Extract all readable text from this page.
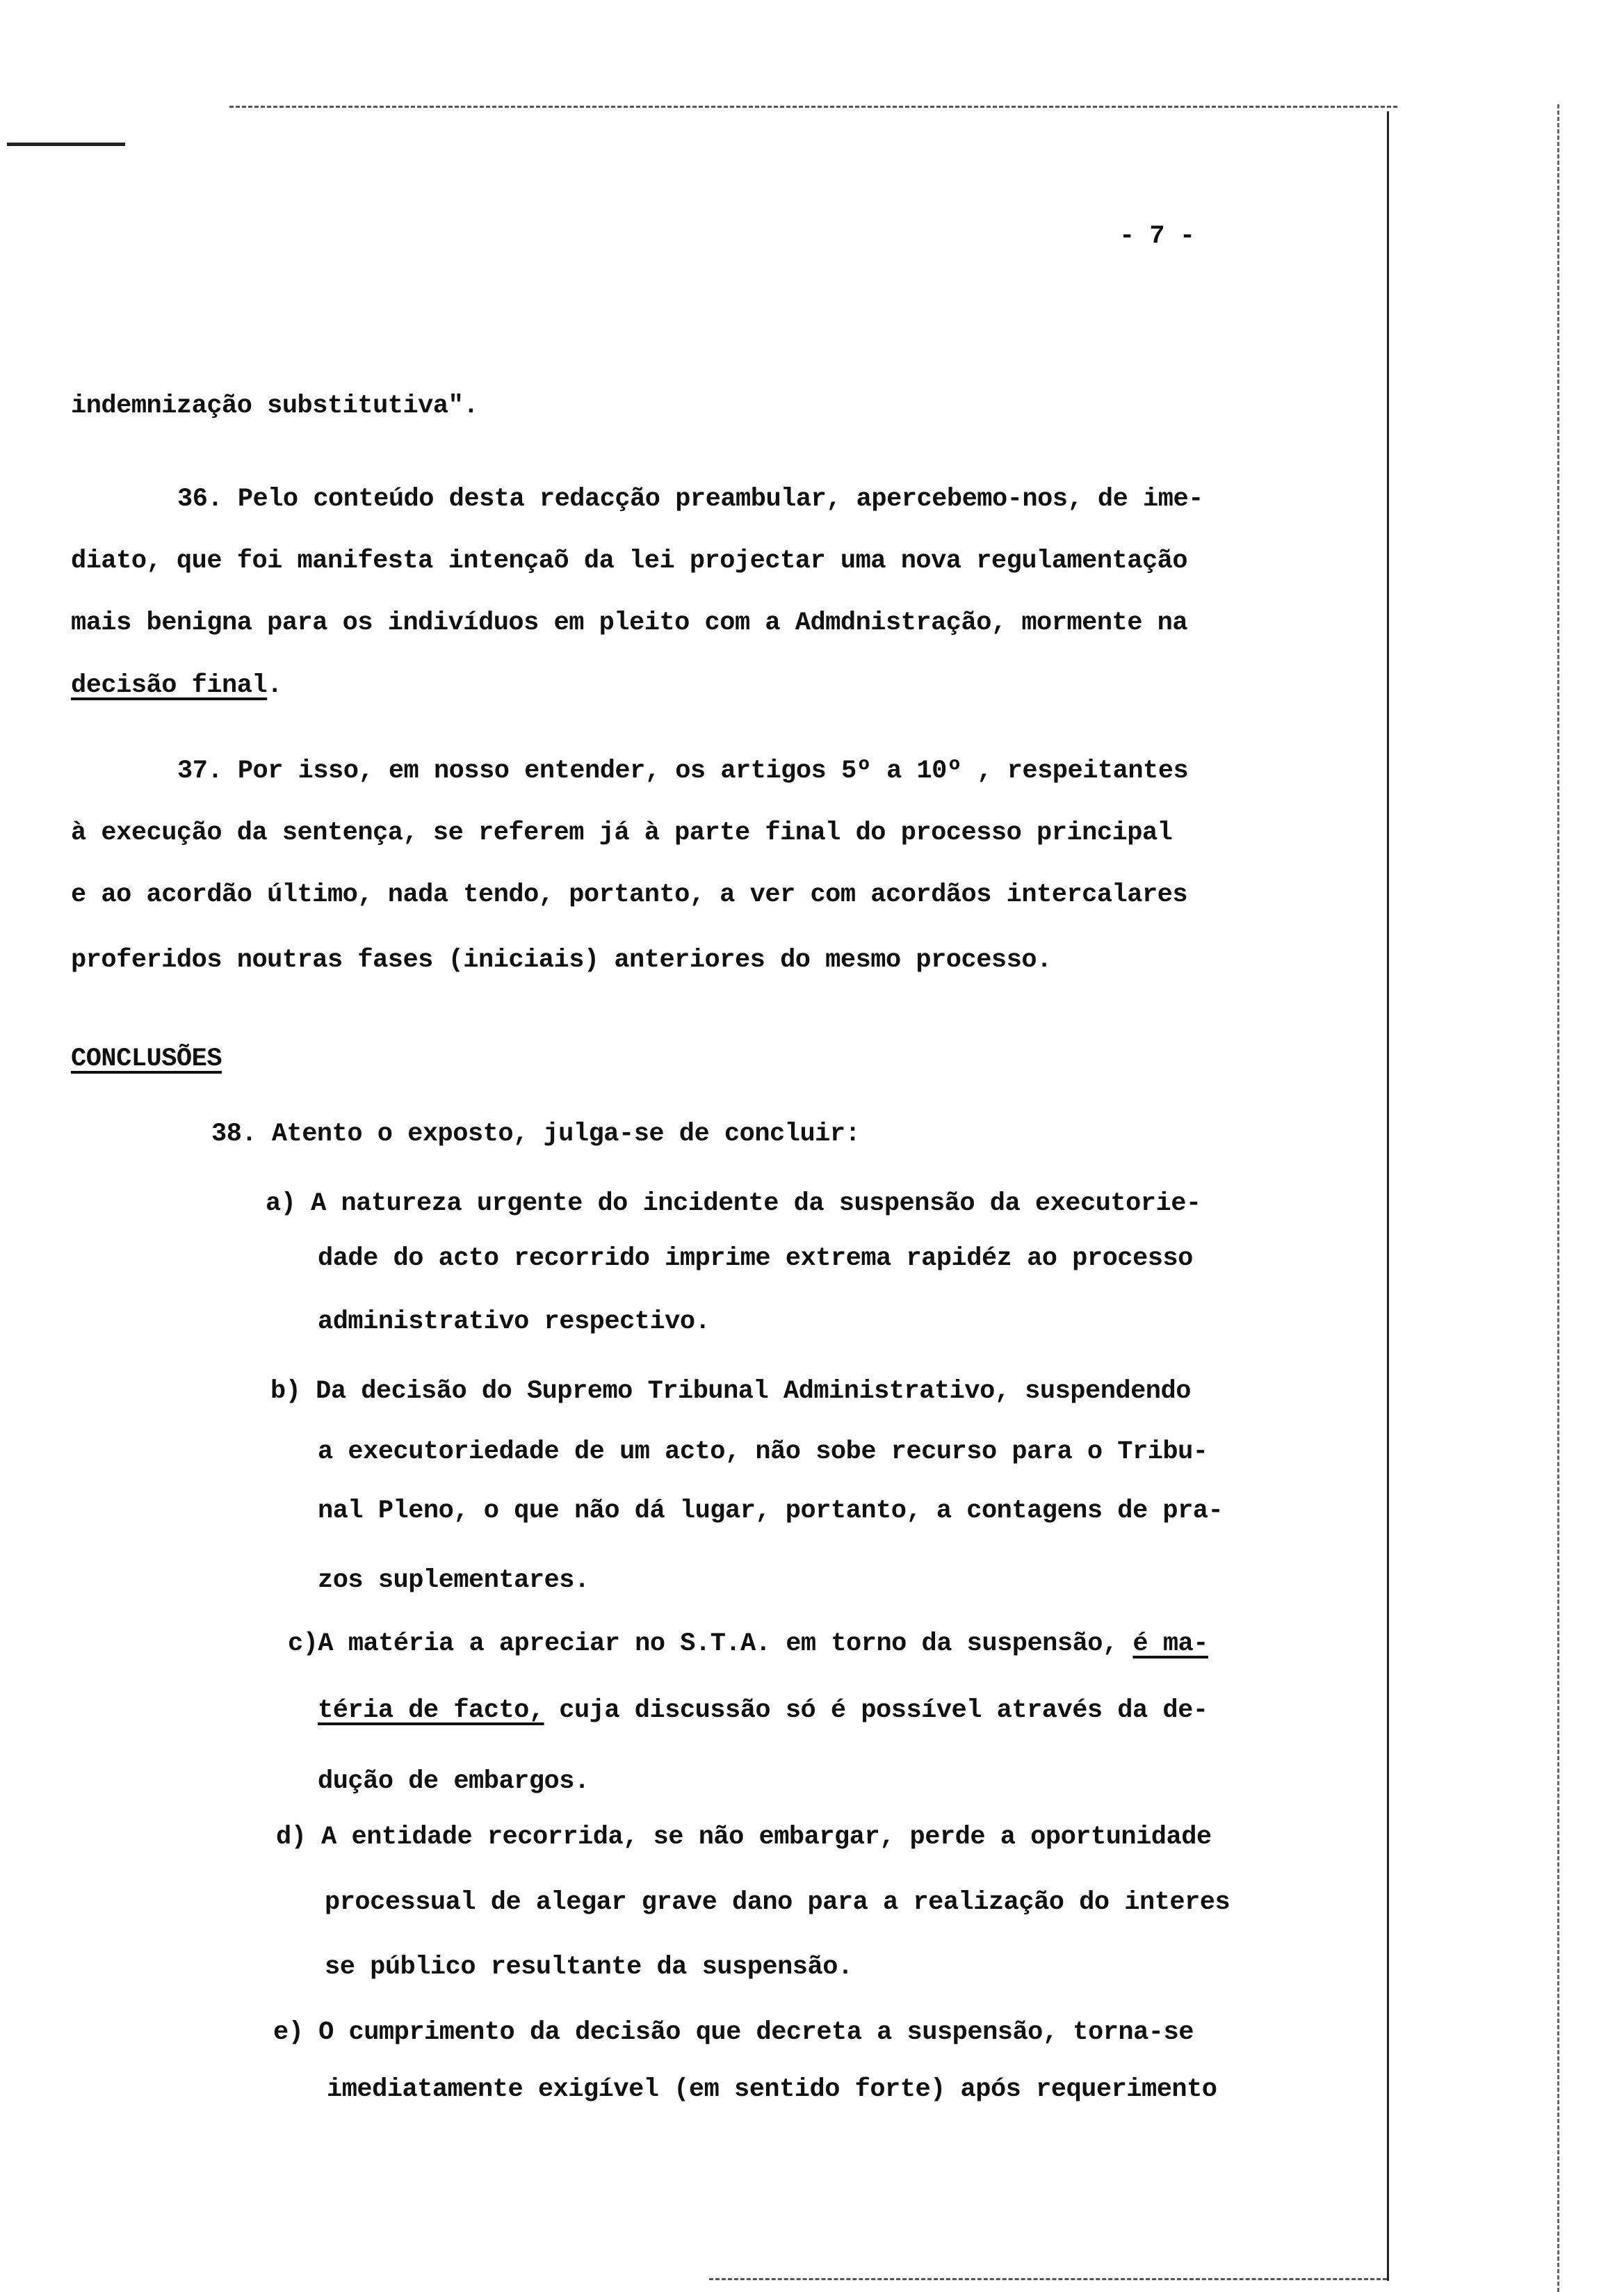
- 7 -
indemnização substitutiva".
36. Pelo conteúdo desta redacção preambular, apercebemo-nos, de ime-
diato, que foi manifesta intençaõ da lei projectar uma nova regulamentação
mais benigna para os indivíduos em pleito com a Admdnistração, mormente na
decisão final.
37. Por isso, em nosso entender, os artigos 5º a 10º , respeitantes
à execução da sentença, se referem já à parte final do processo principal
e ao acordão último, nada tendo, portanto, a ver com acordãos intercalares
proferidos noutras fases (iniciais) anteriores do mesmo processo.
CONCLUSÕES
38. Atento o exposto, julga-se de concluir:
a) A natureza urgente do incidente da suspensão da executorie-
dade do acto recorrido imprime extrema rapidéz ao processo
administrativo respectivo.
b) Da decisão do Supremo Tribunal Administrativo, suspendendo
a executoriedade de um acto, não sobe recurso para o Tribu-
nal Pleno, o que não dá lugar, portanto, a contagens de pra-
zos suplementares.
c)A matéria a apreciar no S.T.A. em torno da suspensão, é ma-
téria de facto, cuja discussão só é possível através da de-
dução de embargos.
d) A entidade recorrida, se não embargar, perde a oportunidade
processual de alegar grave dano para a realização do interes
se público resultante da suspensão.
e) O cumprimento da decisão que decreta a suspensão, torna-se
imediatamente exigível (em sentido forte) após requerimento
